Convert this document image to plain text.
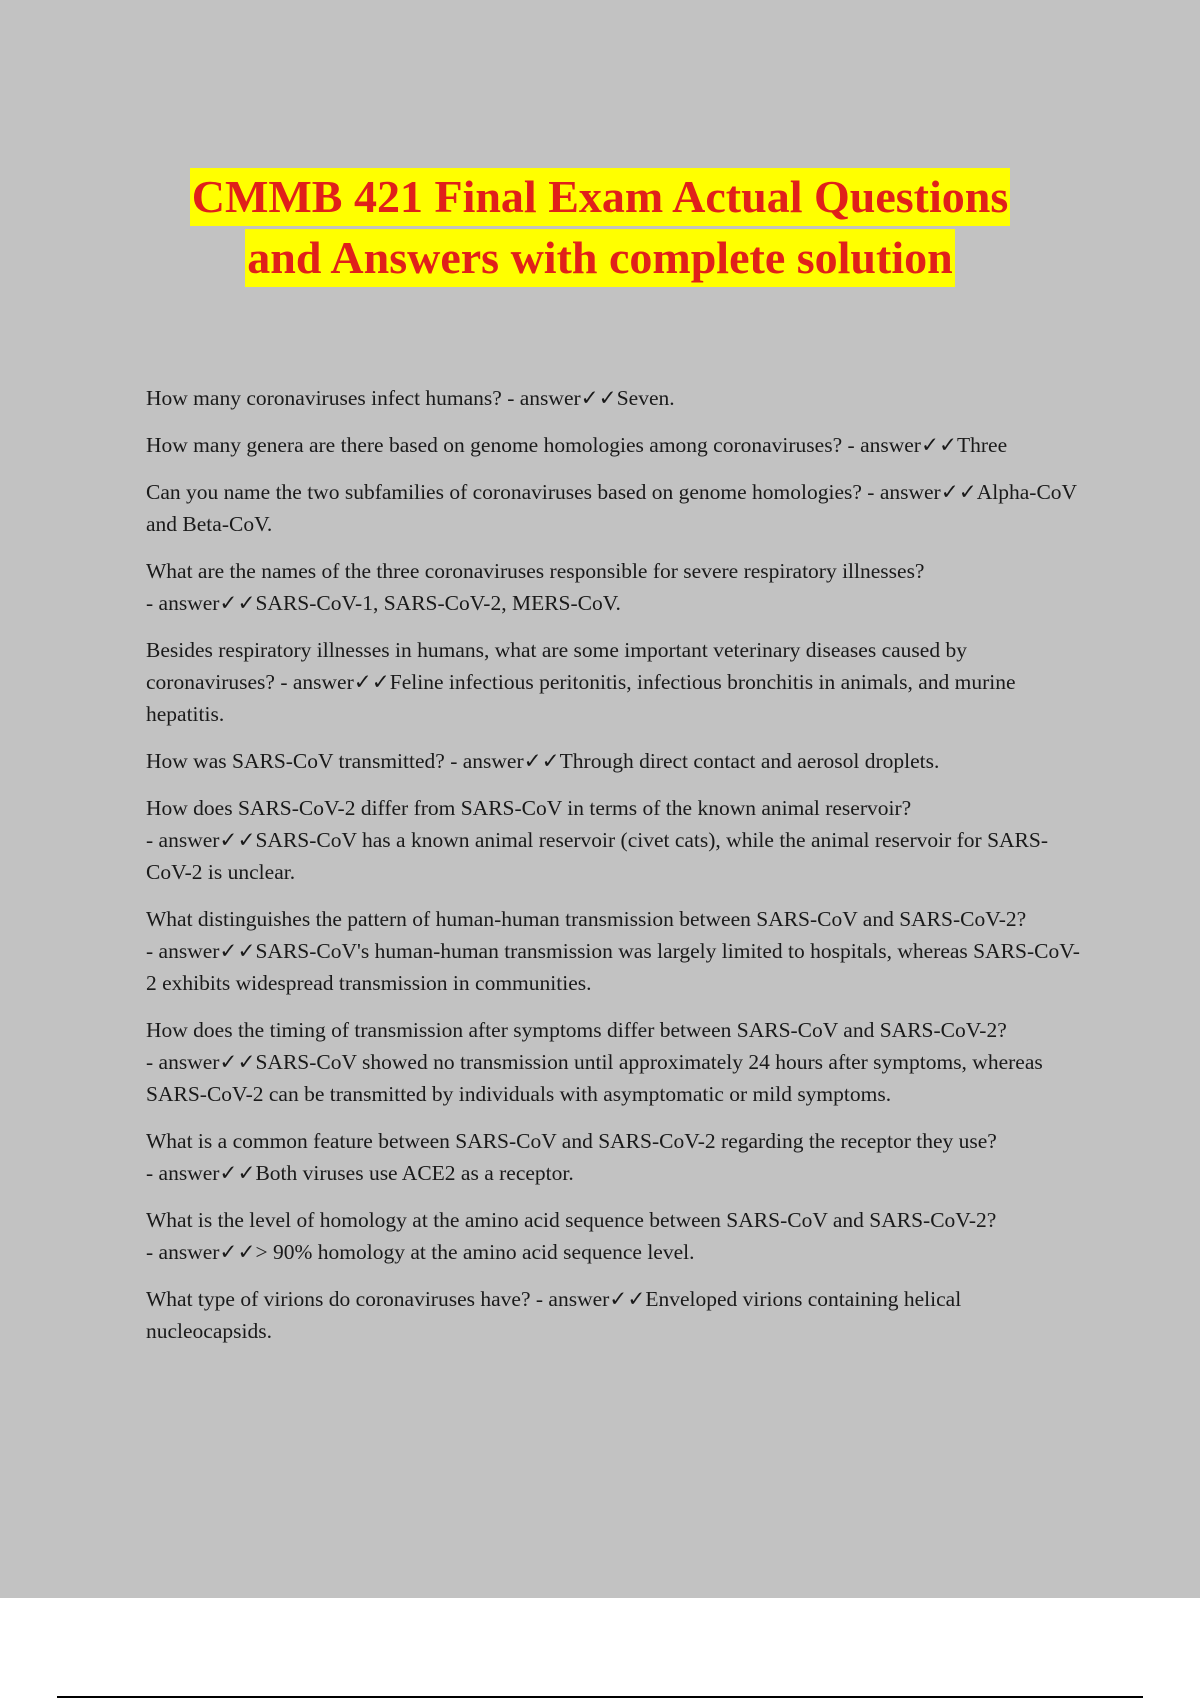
CMMB 421 Final Exam Actual Questions
and Answers with complete solution
How many coronaviruses infect humans? - answer✓✓Seven.
How many genera are there based on genome homologies among coronaviruses? - answer✓✓Three
Can you name the two subfamilies of coronaviruses based on genome homologies? - answer✓✓Alpha-CoV and Beta-CoV.
What are the names of the three coronaviruses responsible for severe respiratory illnesses? - answer✓✓SARS-CoV-1, SARS-CoV-2, MERS-CoV.
Besides respiratory illnesses in humans, what are some important veterinary diseases caused by coronaviruses? - answer✓✓Feline infectious peritonitis, infectious bronchitis in animals, and murine hepatitis.
How was SARS-CoV transmitted? - answer✓✓Through direct contact and aerosol droplets.
How does SARS-CoV-2 differ from SARS-CoV in terms of the known animal reservoir? - answer✓✓SARS-CoV has a known animal reservoir (civet cats), while the animal reservoir for SARS-CoV-2 is unclear.
What distinguishes the pattern of human-human transmission between SARS-CoV and SARS-CoV-2? - answer✓✓SARS-CoV's human-human transmission was largely limited to hospitals, whereas SARS-CoV-2 exhibits widespread transmission in communities.
How does the timing of transmission after symptoms differ between SARS-CoV and SARS-CoV-2? - answer✓✓SARS-CoV showed no transmission until approximately 24 hours after symptoms, whereas SARS-CoV-2 can be transmitted by individuals with asymptomatic or mild symptoms.
What is a common feature between SARS-CoV and SARS-CoV-2 regarding the receptor they use? - answer✓✓Both viruses use ACE2 as a receptor.
What is the level of homology at the amino acid sequence between SARS-CoV and SARS-CoV-2? - answer✓✓> 90% homology at the amino acid sequence level.
What type of virions do coronaviruses have? - answer✓✓Enveloped virions containing helical nucleocapsids.
